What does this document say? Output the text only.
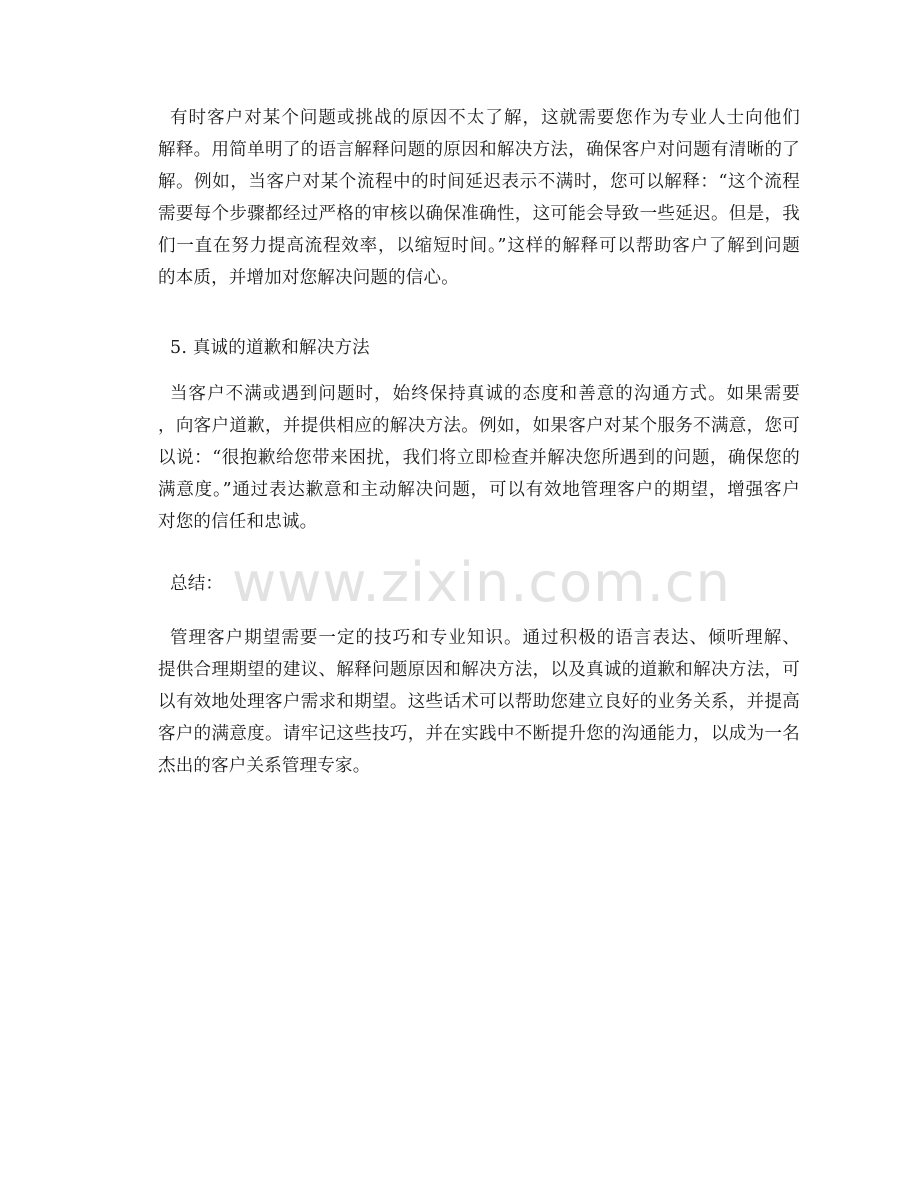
有时客户对某个问题或挑战的原因不太了解，这就需要您作为专业人士向他们
解释。用简单明了的语言解释问题的原因和解决方法，确保客户对问题有清晰的了
解。例如，当客户对某个流程中的时间延迟表示不满时，您可以解释：“这个流程
需要每个步骤都经过严格的审核以确保准确性，这可能会导致一些延迟。但是，我
们一直在努力提高流程效率，以缩短时间。”这样的解释可以帮助客户了解到问题
的本质，并增加对您解决问题的信心。
5. 真诚的道歉和解决方法
当客户不满或遇到问题时，始终保持真诚的态度和善意的沟通方式。如果需要
，向客户道歉，并提供相应的解决方法。例如，如果客户对某个服务不满意，您可
以说：“很抱歉给您带来困扰，我们将立即检查并解决您所遇到的问题，确保您的
满意度。”通过表达歉意和主动解决问题，可以有效地管理客户的期望，增强客户
对您的信任和忠诚。
总结：
管理客户期望需要一定的技巧和专业知识。通过积极的语言表达、倾听理解、
提供合理期望的建议、解释问题原因和解决方法，以及真诚的道歉和解决方法，可
以有效地处理客户需求和期望。这些话术可以帮助您建立良好的业务关系，并提高
客户的满意度。请牢记这些技巧，并在实践中不断提升您的沟通能力，以成为一名
杰出的客户关系管理专家。
www.zixin.com.cn
